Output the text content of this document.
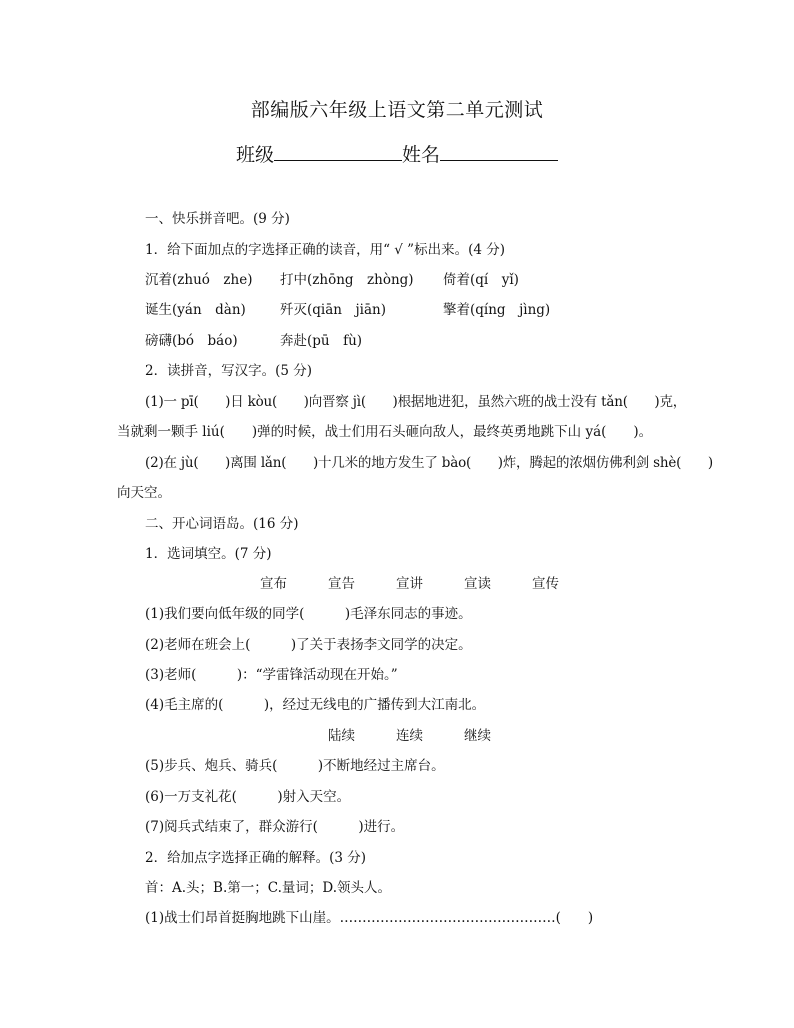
部编版六年级上语文第二单元测试
班级	姓名
一、快乐拼音吧。(9 分)
1．给下面加点的字选择正确的读音，用“ √ ”标出来。(4 分)
沉着(zhuó　zhe) 打中(zhōng　zhòng) 倚着(qí　yǐ)
诞生(yán　dàn)	歼灭(qiān　jiān)	擎着(qíng　jìng)
磅礴(bó　báo)	奔赴(pū　fù)
2．读拼音，写汉字。(5 分)
(1)一 pī(　　)日 kòu(　　)向晋察 jì(　　)根据地进犯，虽然六班的战士没有 tǎn(　　)克，
当就剩一颗手 liú(　　)弹的时候，战士们用石头砸向敌人，最终英勇地跳下山 yá(　　)。
(2)在 jù(　　)离围 lǎn(　　)十几米的地方发生了 bào(　　)炸，腾起的浓烟仿佛利剑 shè(　　)
向天空。
二、开心词语岛。(16 分)
1．选词填空。(7 分)
宣布	宣告	宣讲	宣读	宣传
(1)我们要向低年级的同学(　　　)毛泽东同志的事迹。
(2)老师在班会上(　　　)了关于表扬李文同学的决定。
(3)老师(　　　)：“学雷锋活动现在开始。”
(4)毛主席的(　　　)，经过无线电的广播传到大江南北。
陆续	连续	继续
(5)步兵、炮兵、骑兵(　　　)不断地经过主席台。
(6)一万支礼花(　　　)射入天空。
(7)阅兵式结束了，群众游行(　　　)进行。
2．给加点字选择正确的解释。(3 分)
首：A.头；B.第一；C.量词；D.领头人。
(1)战士们昂首挺胸地跳下山崖。…………………………………………(　　)
